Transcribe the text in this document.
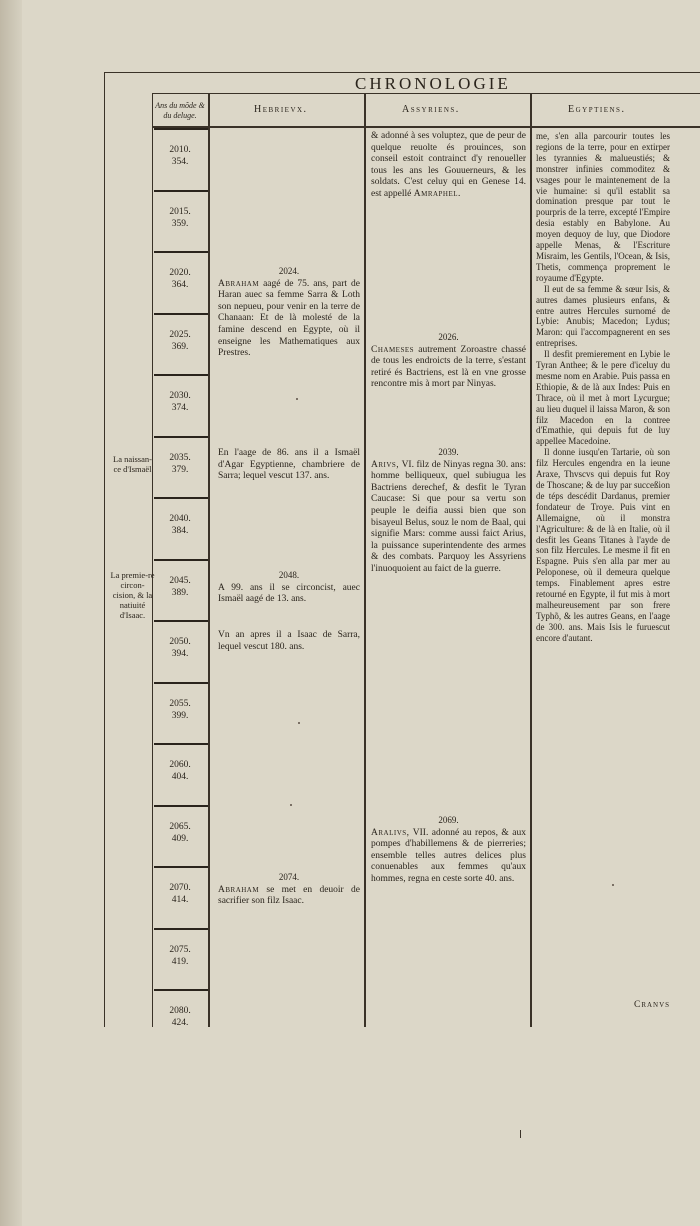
CHRONOLOGIE
Ans du mõde & du deluge.
Hebrievx.	Assyriens.	Egyptiens.
2010.
354.
2015.
359.
2020.
364.
2025.
369.
2030.
374.
2035.
379.
2040.
384.
2045.
389.
2050.
394.
2055.
399.
2060.
404.
2065.
409.
2070.
414.
2075.
419.
2080.
424.
La naissan-ce d'Ismaël
La premie-re circon-cision, & la natiuité d'Isaac.
2024.
Abraham aagé de 75. ans, part de Haran auec sa femme Sarra & Loth son nepueu, pour venir en la terre de Chanaan: Et de là molesté de la famine descend en Egypte, où il enseigne les Mathematiques aux Prestres.
En l'aage de 86. ans il a Ismaël d'Agar Egyptienne, chambriere de Sarra; lequel vescut 137. ans.
2048.
A 99. ans il se circoncist, auec Ismaël aagé de 13. ans.
Vn an apres il a Isaac de Sarra, lequel vescut 180. ans.
2074.
Abraham se met en deuoir de sacrifier son filz Isaac.
& adonné à ses voluptez, que de peur de quelque reuolte és prouinces, son conseil estoit contrainct d'y renoueller tous les ans les Gouuerneurs, & les soldats. C'est celuy qui en Genese 14. est appellé Amraphel.
2026.
Chameses autrement Zoroastre chassé de tous les endroicts de la terre, s'estant retiré és Bactriens, est là en vne grosse rencontre mis à mort par Ninyas.
2039.
Arivs, VI. filz de Ninyas regna 30. ans: homme belliqueux, quel subiugua les Bactriens derechef, & desfit le Tyran Caucase: Si que pour sa vertu son peuple le deifia aussi bien que son bisayeul Belus, souz le nom de Baal, qui signifie Mars: comme aussi faict Arius, la puissance superintendente des armes & des combats. Parquoy les Assyriens l'inuoquoient au faict de la guerre.
2069.
Aralivs, VII. adonné au repos, & aux pompes d'habillemens & de pierreries; ensemble telles autres delices plus conuenables aux femmes qu'aux hommes, regna en ceste sorte 40. ans.
me, s'en alla parcourir toutes les regions de la terre, pour en extirper les tyrannies & malueustiés; & monstrer infinies commoditez & vsages pour le maintenement de la vie humaine: si qu'il establit sa domination presque par tout le pourpris de la terre, excepté l'Empire desia estably en Babylone. Au moyen dequoy de luy, que Diodore appelle Menas, & l'Escriture Misraim, les Gentils, l'Ocean, & Isis, Thetis, commença proprement le royaume d'Egypte.
Il eut de sa femme & sœur Isis, & autres dames plusieurs enfans, & entre autres Hercules surnomé de Lybie: Anubis; Macedon; Lydus; Maron: qui l'accompagnerent en ses entreprises.
Il desfit premierement en Lybie le Tyran Anthee; & le pere d'iceluy du mesme nom en Arabie. Puis passa en Ethiopie, & de là aux Indes: Puis en Thrace, où il met à mort Lycurgue; au lieu duquel il laissa Maron, & son filz Macedon en la contree d'Emathie, qui depuis fut de luy appellee Macedoine.
Il donne iusqu'en Tartarie, où son filz Hercules engendra en la ieune Araxe, Thvscvs qui depuis fut Roy de Thoscane; & de luy par succeßion de téps descédit Dardanus, premier fondateur de Troye. Puis vint en Allemaigne, où il monstra l'Agriculture: & de là en Italie, où il desfit les Geans Titanes à l'ayde de son filz Hercules. Le mesme il fit en Espagne. Puis s'en alla par mer au Peloponese, où il demeura quelque temps. Finablement apres estre retourné en Egypte, il fut mis à mort malheureusement par son frere Typhõ, & les autres Geans, en l'aage de 300. ans. Mais Isis le furuescut encore d'autant.
Cranvs
